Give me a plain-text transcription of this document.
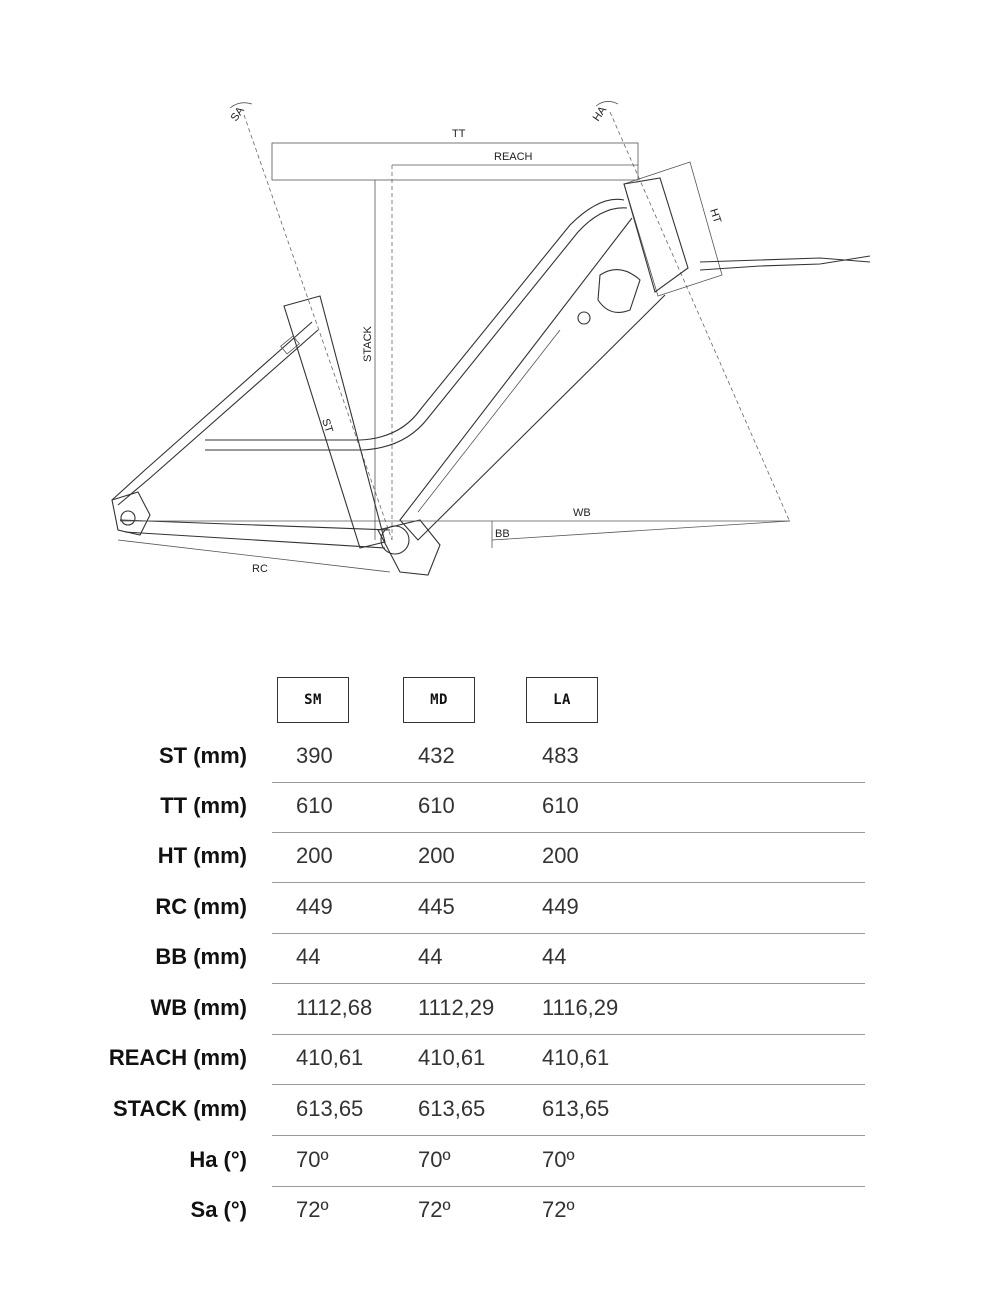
TT
REACH
STACK
SA	HA
HT
ST
RC
WB
BB
SM	MD	LA
ST (mm) 390	432	483
TT (mm) 610	610	610
HT (mm) 200	200	200
RC (mm) 449	445	449
BB (mm) 44	44	44
WB (mm) 1112,68 1112,29 1116,29
REACH (mm) 410,61 410,61	410,61
STACK (mm) 613,65 613,65	613,65
Ha (°) 70º	70º	70º
Sa (°) 72º	72º	72º
